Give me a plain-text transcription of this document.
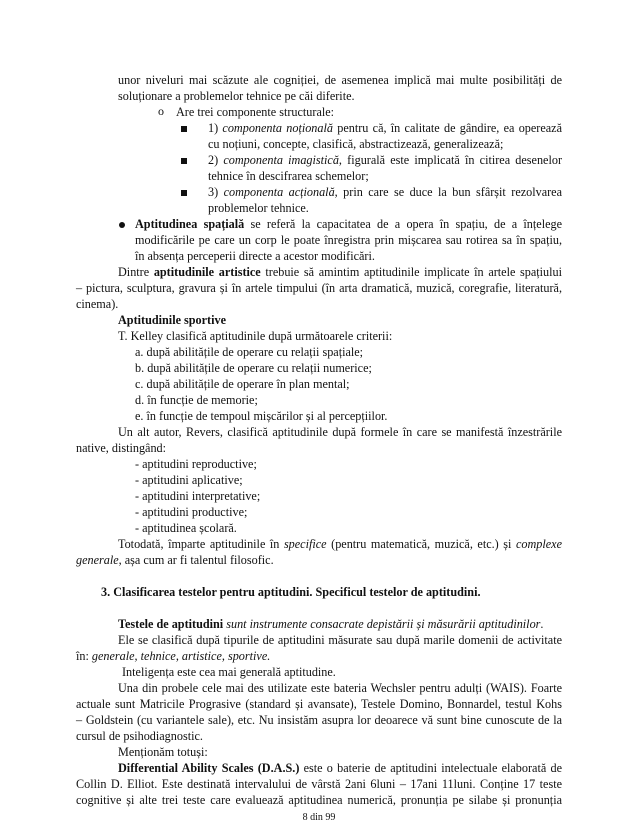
unor niveluri mai scăzute ale cogniției, de asemenea implică mai multe posibilități de
soluționare a problemelor tehnice pe căi diferite.
o Are trei componente structurale:
1) componenta noțională pentru că, în calitate de gândire, ea operează
cu noțiuni, concepte, clasifică, abstractizează, generalizează;
2) componenta imagistică, figurală este implicată în citirea desenelor
tehnice în descifrarea schemelor;
3) componenta acțională, prin care se duce la bun sfârșit rezolvarea
problemelor tehnice.
Aptitudinea spațială se referă la capacitatea de a opera în spațiu, de a înțelege
modificările pe care un corp le poate înregistra prin mișcarea sau rotirea sa în spațiu,
în absența perceperii directe a acestor modificări.
Dintre aptitudinile artistice trebuie să amintim aptitudinile implicate în artele spațiului
– pictura, sculptura, gravura și în artele timpului (în arta dramatică, muzică, coregrafie, literatură,
cinema).
Aptitudinile sportive
T. Kelley clasifică aptitudinile după următoarele criterii:
a. după abilitățile de operare cu relații spațiale;
b. după abilitățile de operare cu relații numerice;
c. după abilitățile de operare în plan mental;
d. în funcție de memorie;
e. în funcție de tempoul mișcărilor și al percepțiilor.
Un alt autor, Revers, clasifică aptitudinile după formele în care se manifestă înzestrările
native, distingând:
- aptitudini reproductive;
- aptitudini aplicative;
- aptitudini interpretative;
- aptitudini productive;
- aptitudinea școlară.
Totodată, împarte aptitudinile în specifice (pentru matematică, muzică, etc.) și complexe
generale, așa cum ar fi talentul filosofic.
3. Clasificarea testelor pentru aptitudini. Specificul testelor de aptitudini.
Testele de aptitudini sunt instrumente consacrate depistării și măsurării aptitudinilor.
Ele se clasifică după tipurile de aptitudini măsurate sau după marile domenii de activitate
în: generale, tehnice, artistice, sportive.
Inteligența este cea mai generală aptitudine.
Una din probele cele mai des utilizate este bateria Wechsler pentru adulți (WAIS). Foarte
actuale sunt Matricile Prograsive (standard și avansate), Testele Domino, Bonnardel, testul Kohs
– Goldstein (cu variantele sale), etc. Nu insistăm asupra lor deoarece vă sunt bine cunoscute de la
cursul de psihodiagnostic.
Menționăm totuși:
Differential Ability Scales (D.A.S.) este o baterie de aptitudini intelectuale elaborată de
Collin D. Elliot. Este destinată intervalului de vârstă 2ani 6luni – 17ani 11luni. Conține 17 teste
cognitive și alte trei teste care evaluează aptitudinea numerică, pronunția pe silabe și pronunția
8 din 99
